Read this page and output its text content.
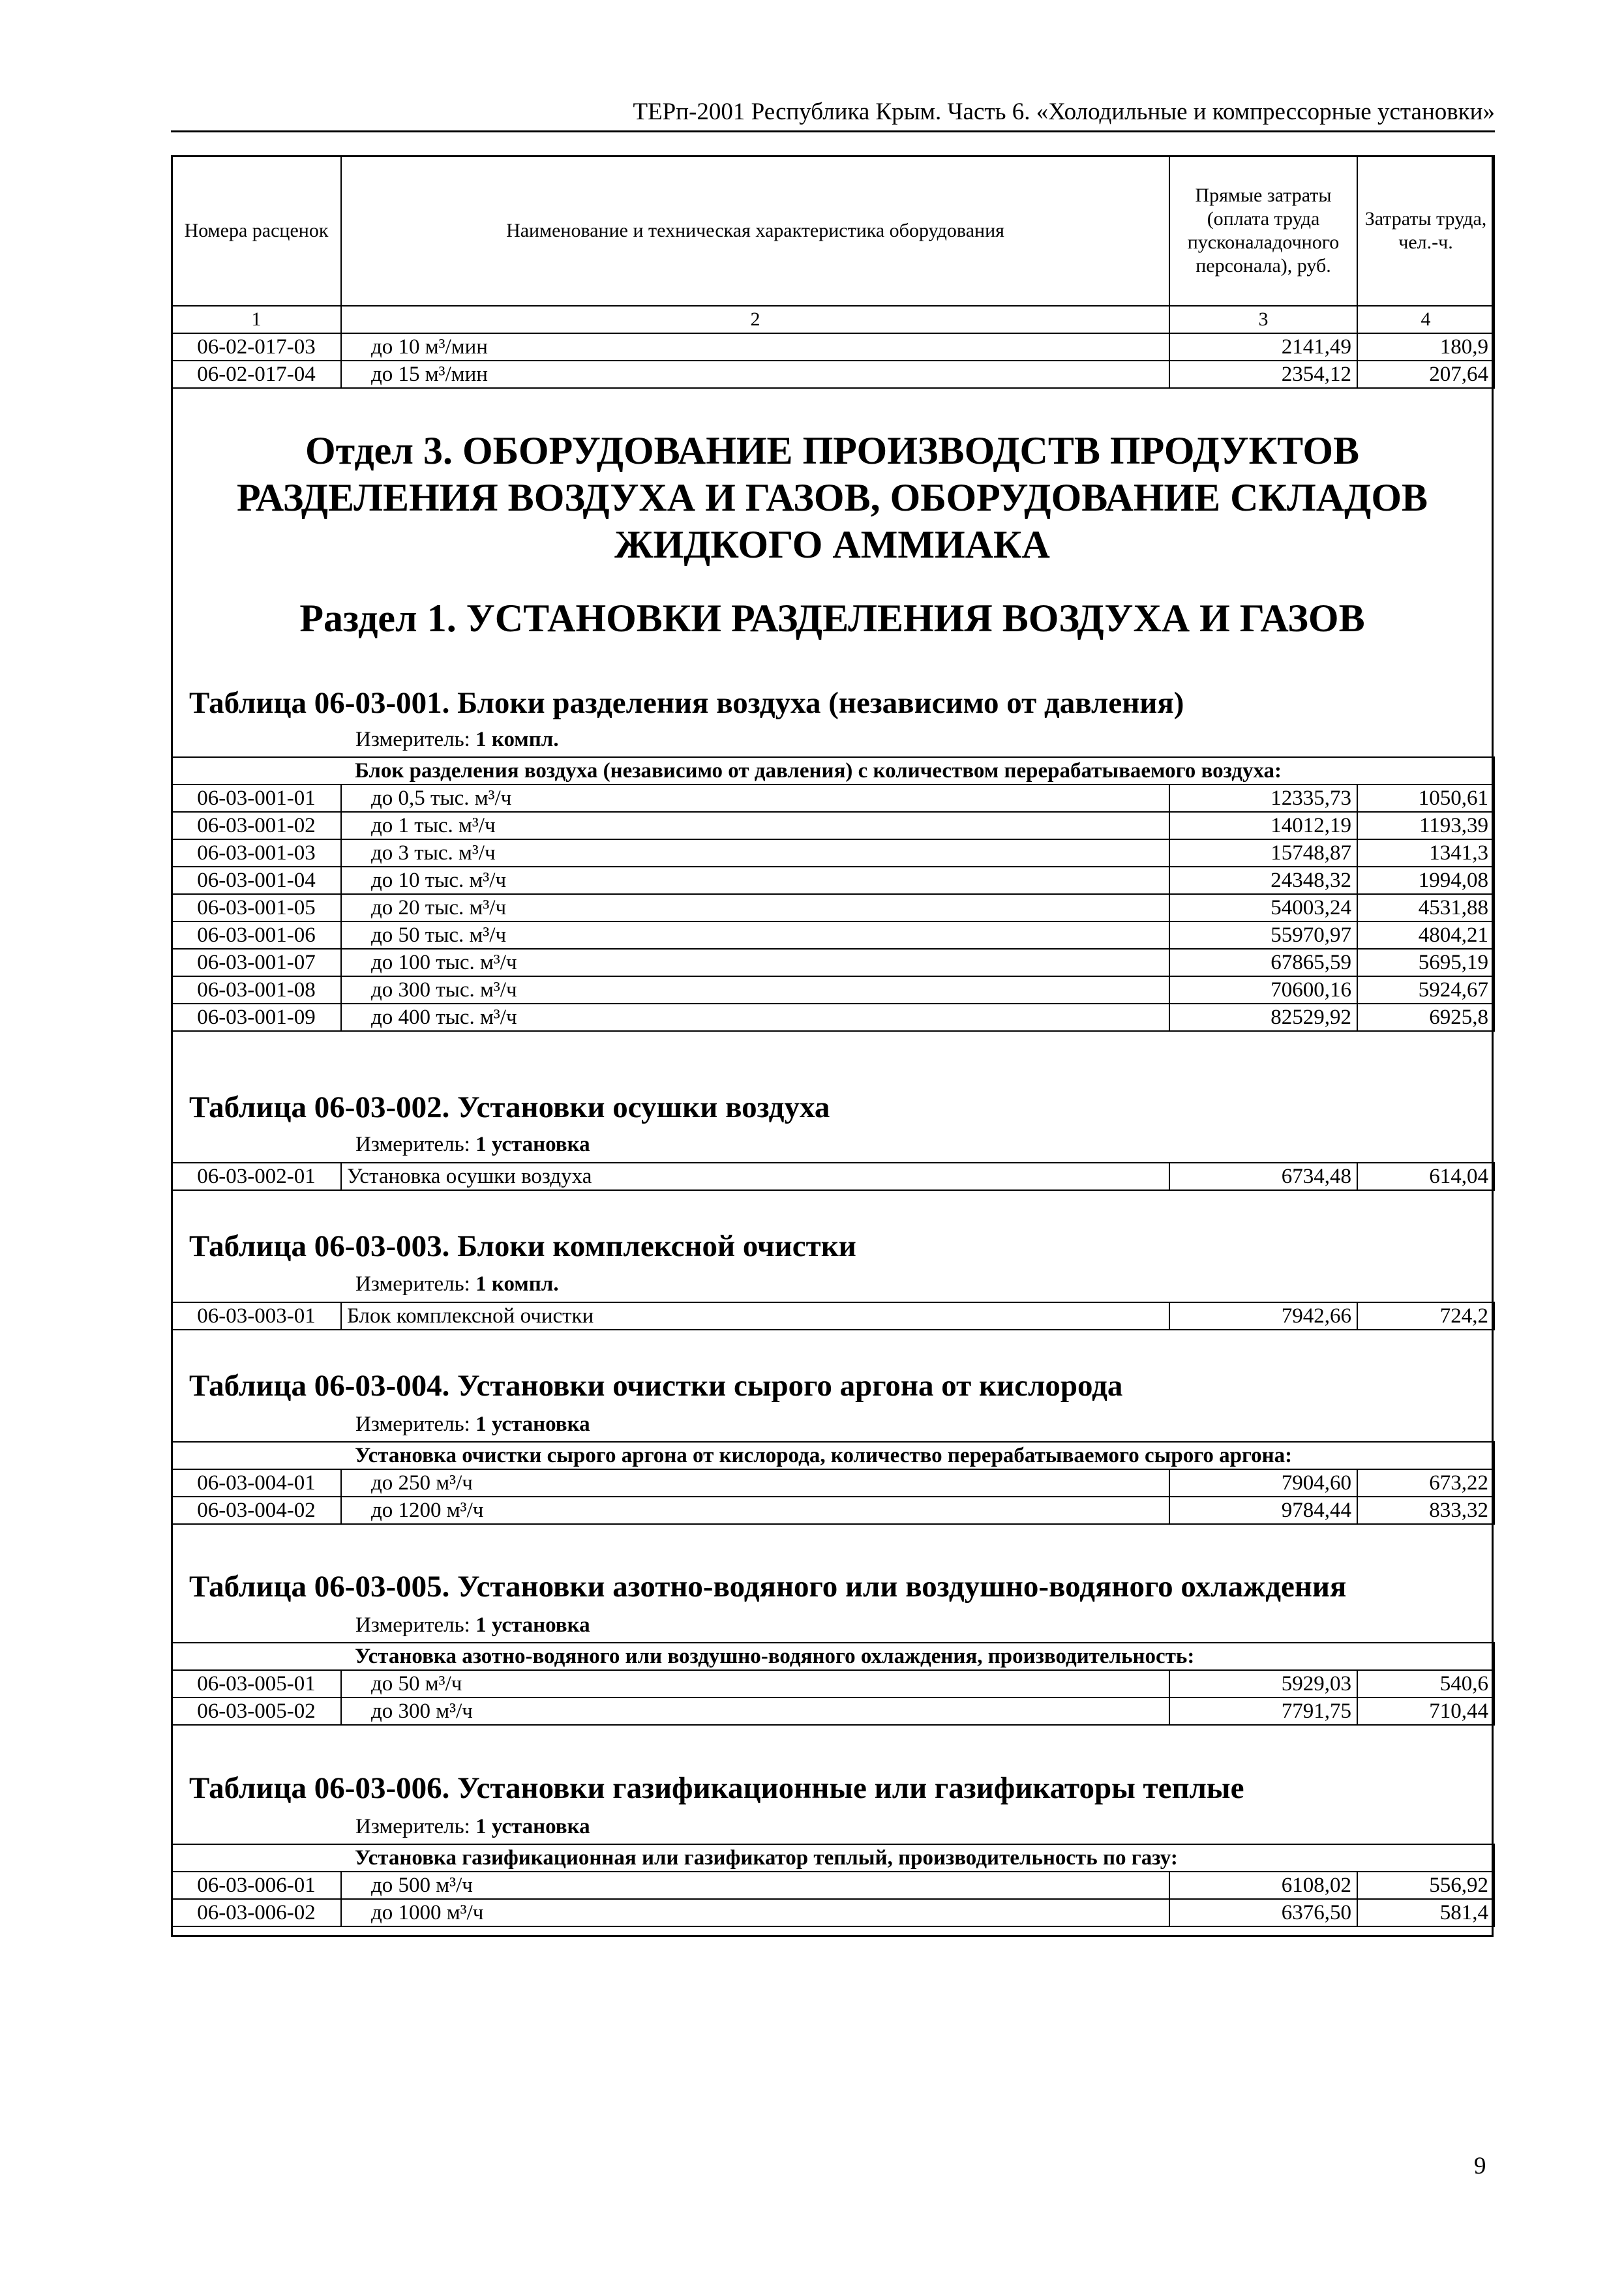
ТЕРп-2001 Республика Крым. Часть 6. «Холодильные и компрессорные установки»
Номера расценок	Наименование и техническая характеристика оборудования	Прямые затраты (оплата труда пусконаладочного персонала), руб.	Затраты труда, чел.-ч.
1	2	3	4
06-02-017-03	до 10 м³/мин	2141,49	180,9
06-02-017-04	до 15 м³/мин	2354,12	207,64
Отдел 3. ОБОРУДОВАНИЕ ПРОИЗВОДСТВ ПРОДУКТОВ РАЗДЕЛЕНИЯ ВОЗДУХА И ГАЗОВ, ОБОРУДОВАНИЕ СКЛАДОВ ЖИДКОГО АММИАКА
Раздел 1. УСТАНОВКИ РАЗДЕЛЕНИЯ ВОЗДУХА И ГАЗОВ
Таблица 06-03-001. Блоки разделения воздуха (независимо от давления)
Измеритель: 1 компл.
Блок разделения воздуха (независимо от давления) с количеством перерабатываемого воздуха:			
06-03-001-01	до 0,5 тыс. м³/ч	12335,73	1050,61
06-03-001-02	до 1 тыс. м³/ч	14012,19	1193,39
06-03-001-03	до 3 тыс. м³/ч	15748,87	1341,3
06-03-001-04	до 10 тыс. м³/ч	24348,32	1994,08
06-03-001-05	до 20 тыс. м³/ч	54003,24	4531,88
06-03-001-06	до 50 тыс. м³/ч	55970,97	4804,21
06-03-001-07	до 100 тыс. м³/ч	67865,59	5695,19
06-03-001-08	до 300 тыс. м³/ч	70600,16	5924,67
06-03-001-09	до 400 тыс. м³/ч	82529,92	6925,8
Таблица 06-03-002. Установки осушки воздуха
Измеритель: 1 установка
06-03-002-01	Установка осушки воздуха	6734,48	614,04
Таблица 06-03-003. Блоки комплексной очистки
Измеритель: 1 компл.
06-03-003-01	Блок комплексной очистки	7942,66	724,2
Таблица 06-03-004. Установки очистки сырого аргона от кислорода
Измеритель: 1 установка
Установка очистки сырого аргона от кислорода, количество перерабатываемого сырого аргона:			
06-03-004-01	до 250 м³/ч	7904,60	673,22
06-03-004-02	до 1200 м³/ч	9784,44	833,32
Таблица 06-03-005. Установки азотно-водяного или воздушно-водяного охлаждения
Измеритель: 1 установка
Установка азотно-водяного или воздушно-водяного охлаждения, производительность:			
06-03-005-01	до 50 м³/ч	5929,03	540,6
06-03-005-02	до 300 м³/ч	7791,75	710,44
Таблица 06-03-006. Установки газификационные или газификаторы теплые
Измеритель: 1 установка
Установка газификационная или газификатор теплый, производительность по газу:			
06-03-006-01	до 500 м³/ч	6108,02	556,92
06-03-006-02	до 1000 м³/ч	6376,50	581,4
9
